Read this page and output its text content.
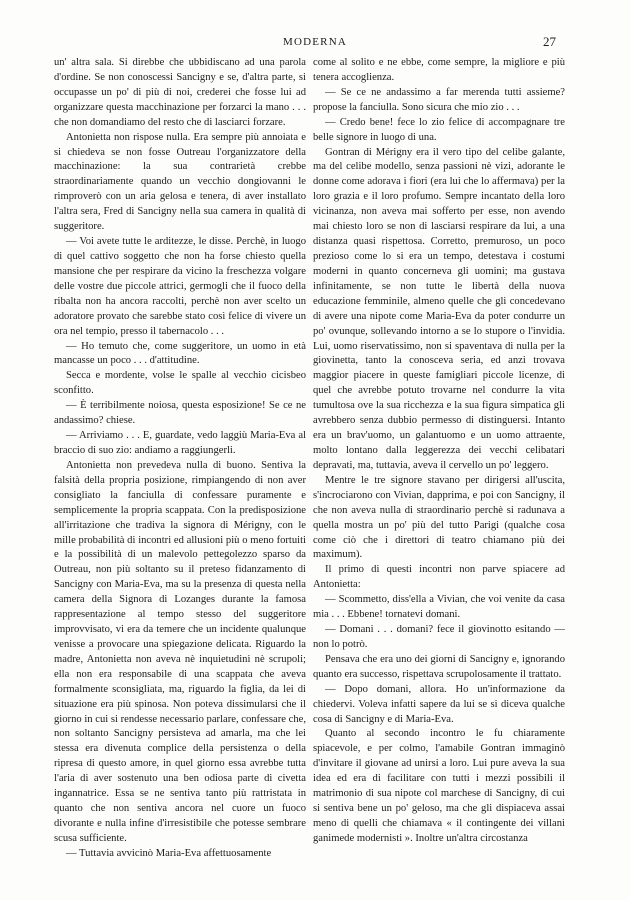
MODERNA	27

un' altra sala. Si direbbe che ubbidiscano ad una parola d'ordine. Se non conoscessi Sancigny e se, d'altra parte, si occupasse un po' di più di noi, crederei che fosse lui ad organizzare questa macchinazione per forzarci la mano . . . che non domandiamo del resto che di lasciarci forzare.

Antonietta non rispose nulla. Era sempre più annoiata e si chiedeva se non fosse Outreau l'organizzatore della macchinazione: la sua contrarietà crebbe straordinariamente quando un vecchio dongiovanni le rimproverò con un aria gelosa e tenera, di aver installato l'altra sera, Fred di Sancigny nella sua camera in qualità di suggeritore.

— Voi avete tutte le arditezze, le disse. Perchè, in luogo di quel cattivo soggetto che non ha forse chiesto quella mansione che per respirare da vicino la freschezza volgare delle vostre due piccole attrici, germogli che il fuoco della ribalta non ha ancora raccolti, perchè non aver scelto un adoratore provato che sarebbe stato così felice di vivere un ora nel tempio, presso il tabernacolo . . .

— Ho temuto che, come suggeritore, un uomo in età mancasse un poco . . . d'attitudine.

Secca e mordente, volse le spalle al vecchio cicisbeo sconfitto.

— È terribilmente noiosa, questa esposizione! Se ce ne andassimo? chiese.

— Arriviamo . . . E, guardate, vedo laggiù Maria-Eva al braccio di suo zio: andiamo a raggiungerli.

Antonietta non prevedeva nulla di buono. Sentiva la falsità della propria posizione, rimpiangendo di non aver consigliato la fanciulla di confessare puramente e semplicemente la propria scappata. Con la predisposizione all'irritazione che tradiva la signora di Mérigny, con le mille probabilità di incontri ed allusioni più o meno fortuiti e la possibilità di un malevolo pettegolezzo sparso da Outreau, non più soltanto su il preteso fidanzamento di Sancigny con Maria-Eva, ma su la presenza di questa nella camera della Signora di Lozanges durante la famosa rappresentazione al tempo stesso del suggeritore improvvisato, vi era da temere che un incidente qualunque venisse a provocare una spiegazione delicata. Riguardo la madre, Antonietta non aveva nè inquietudini nè scrupoli; ella non era responsabile di una scappata che aveva formalmente sconsigliata, ma, riguardo la figlia, da lei di situazione era più spinosa. Non poteva dissimularsi che il giorno in cui si rendesse necessario parlare, confessare che, non soltanto Sancigny persisteva ad amarla, ma che lei stessa era divenuta complice della persistenza o della ripresa di questo amore, in quel giorno essa avrebbe tutta l'aria di aver sostenuto una ben odiosa parte di civetta ingannatrice. Essa se ne sentiva tanto più rattristata in quanto che non sentiva ancora nel cuore un fuoco divorante e nulla infine d'irresistibile che potesse sembrare scusa sufficiente.

— Tuttavia avvicinò Maria-Eva affettuosamente

come al solito e ne ebbe, come sempre, la migliore e più tenera accoglienza.

— Se ce ne andassimo a far merenda tutti assieme? propose la fanciulla. Sono sicura che mio zio . . .

— Credo bene! fece lo zio felice di accompagnare tre belle signore in luogo di una.

Gontran di Mérigny era il vero tipo del celibe galante, ma del celibe modello, senza passioni nè vizi, adorante le donne come adorava i fiori (era lui che lo affermava) per la loro grazia e il loro profumo. Sempre incantato della loro vicinanza, non aveva mai sofferto per esse, non avendo mai chiesto loro se non di lasciarsi respirare da lui, a una distanza quasi rispettosa. Corretto, premuroso, un poco prezioso come lo si era un tempo, detestava i costumi moderni in quanto concerneva gli uomini; ma gustava infinitamente, se non tutte le libertà della nuova educazione femminile, almeno quelle che gli concedevano di avere una nipote come Maria-Eva da poter condurre un po' ovunque, sollevando intorno a se lo stupore o l'invidia. Lui, uomo riservatissimo, non si spaventava di nulla per la giovinetta, tanto la conosceva seria, ed anzi trovava maggior piacere in queste famigliari piccole licenze, di quel che avrebbe potuto trovarne nel condurre la vita tumultosa ove la sua ricchezza e la sua figura simpatica gli avrebbero senza dubbio permesso di distinguersi. Intanto era un brav'uomo, un galantuomo e un uomo attraente, molto lontano dalla leggerezza dei vecchi celibatari depravati, ma, tuttavia, aveva il cervello un po' leggero.

Mentre le tre signore stavano per dirigersi all'uscita, s'incrociarono con Vivian, dapprima, e poi con Sancigny, il che non aveva nulla di straordinario perchè si radunava a quella mostra un po' più del tutto Parigi (qualche cosa come ciò che i direttori di teatro chiamano più dei maximum).

Il primo di questi incontri non parve spiacere ad Antonietta:

— Scommetto, diss'ella a Vivian, che voi venite da casa mia . . . Ebbene! tornatevi domani.

— Domani . . . domani? fece il giovinotto esitando — non lo potrò.

Pensava che era uno dei giorni di Sancigny e, ignorando quanto era successo, rispettava scrupolosamente il trattato.

— Dopo domani, allora. Ho un'informazione da chiedervi. Voleva infatti sapere da lui se si diceva qualche cosa di Sancigny e di Maria-Eva.

Quanto al secondo incontro le fu chiaramente spiacevole, e per colmo, l'amabile Gontran immaginò d'invitare il giovane ad unirsi a loro. Lui pure aveva la sua idea ed era di facilitare con tutti i mezzi possibili il matrimonio di sua nipote col marchese di Sancigny, di cui si sentiva bene un po' geloso, ma che gli dispiaceva assai meno di quelli che chiamava « il contingente dei villani ganimede modernisti ». Inoltre un'altra circostanza
